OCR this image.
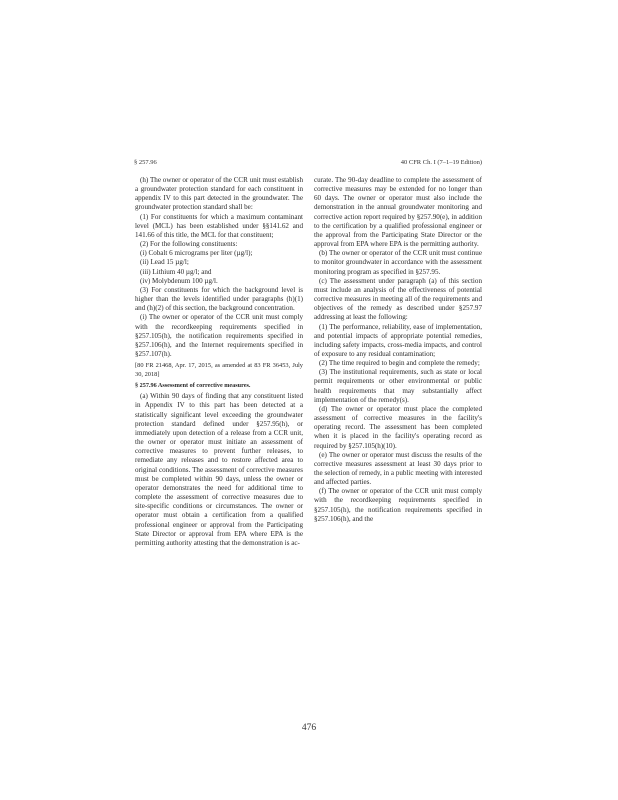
§ 257.96	40 CFR Ch. I (7–1–19 Edition)

(h) The owner or operator of the CCR unit must establish a groundwater protection standard for each constituent in appendix IV to this part detected in the groundwater. The groundwater protection standard shall be:

(1) For constituents for which a maximum contaminant level (MCL) has been established under §§141.62 and 141.66 of this title, the MCL for that constituent;

(2) For the following constituents:

(i) Cobalt 6 micrograms per liter (µg/l);

(ii) Lead 15 µg/l;

(iii) Lithium 40 µg/l; and

(iv) Molybdenum 100 µg/l.

(3) For constituents for which the background level is higher than the levels identified under paragraphs (h)(1) and (h)(2) of this section, the background concentration.

(i) The owner or operator of the CCR unit must comply with the recordkeeping requirements specified in §257.105(h), the notification requirements specified in §257.106(h), and the Internet requirements specified in §257.107(h).

[80 FR 21468, Apr. 17, 2015, as amended at 83 FR 36453, July 30, 2018]

§ 257.96 Assessment of corrective measures.

(a) Within 90 days of finding that any constituent listed in Appendix IV to this part has been detected at a statistically significant level exceeding the groundwater protection standard defined under §257.95(h), or immediately upon detection of a release from a CCR unit, the owner or operator must initiate an assessment of corrective measures to prevent further releases, to remediate any releases and to restore affected area to original conditions. The assessment of corrective measures must be completed within 90 days, unless the owner or operator demonstrates the need for additional time to complete the assessment of corrective measures due to site-specific conditions or circumstances. The owner or operator must obtain a certification from a qualified professional engineer or approval from the Participating State Director or approval from EPA where EPA is the permitting authority attesting that the demonstration is ac-

curate. The 90-day deadline to complete the assessment of corrective measures may be extended for no longer than 60 days. The owner or operator must also include the demonstration in the annual groundwater monitoring and corrective action report required by §257.90(e), in addition to the certification by a qualified professional engineer or the approval from the Participating State Director or the approval from EPA where EPA is the permitting authority.

(b) The owner or operator of the CCR unit must continue to monitor groundwater in accordance with the assessment monitoring program as specified in §257.95.

(c) The assessment under paragraph (a) of this section must include an analysis of the effectiveness of potential corrective measures in meeting all of the requirements and objectives of the remedy as described under §257.97 addressing at least the following:

(1) The performance, reliability, ease of implementation, and potential impacts of appropriate potential remedies, including safety impacts, cross-media impacts, and control of exposure to any residual contamination;

(2) The time required to begin and complete the remedy;

(3) The institutional requirements, such as state or local permit requirements or other environmental or public health requirements that may substantially affect implementation of the remedy(s).

(d) The owner or operator must place the completed assessment of corrective measures in the facility's operating record. The assessment has been completed when it is placed in the facility's operating record as required by §257.105(h)(10).

(e) The owner or operator must discuss the results of the corrective measures assessment at least 30 days prior to the selection of remedy, in a public meeting with interested and affected parties.

(f) The owner or operator of the CCR unit must comply with the recordkeeping requirements specified in §257.105(h), the notification requirements specified in §257.106(h), and the

476
